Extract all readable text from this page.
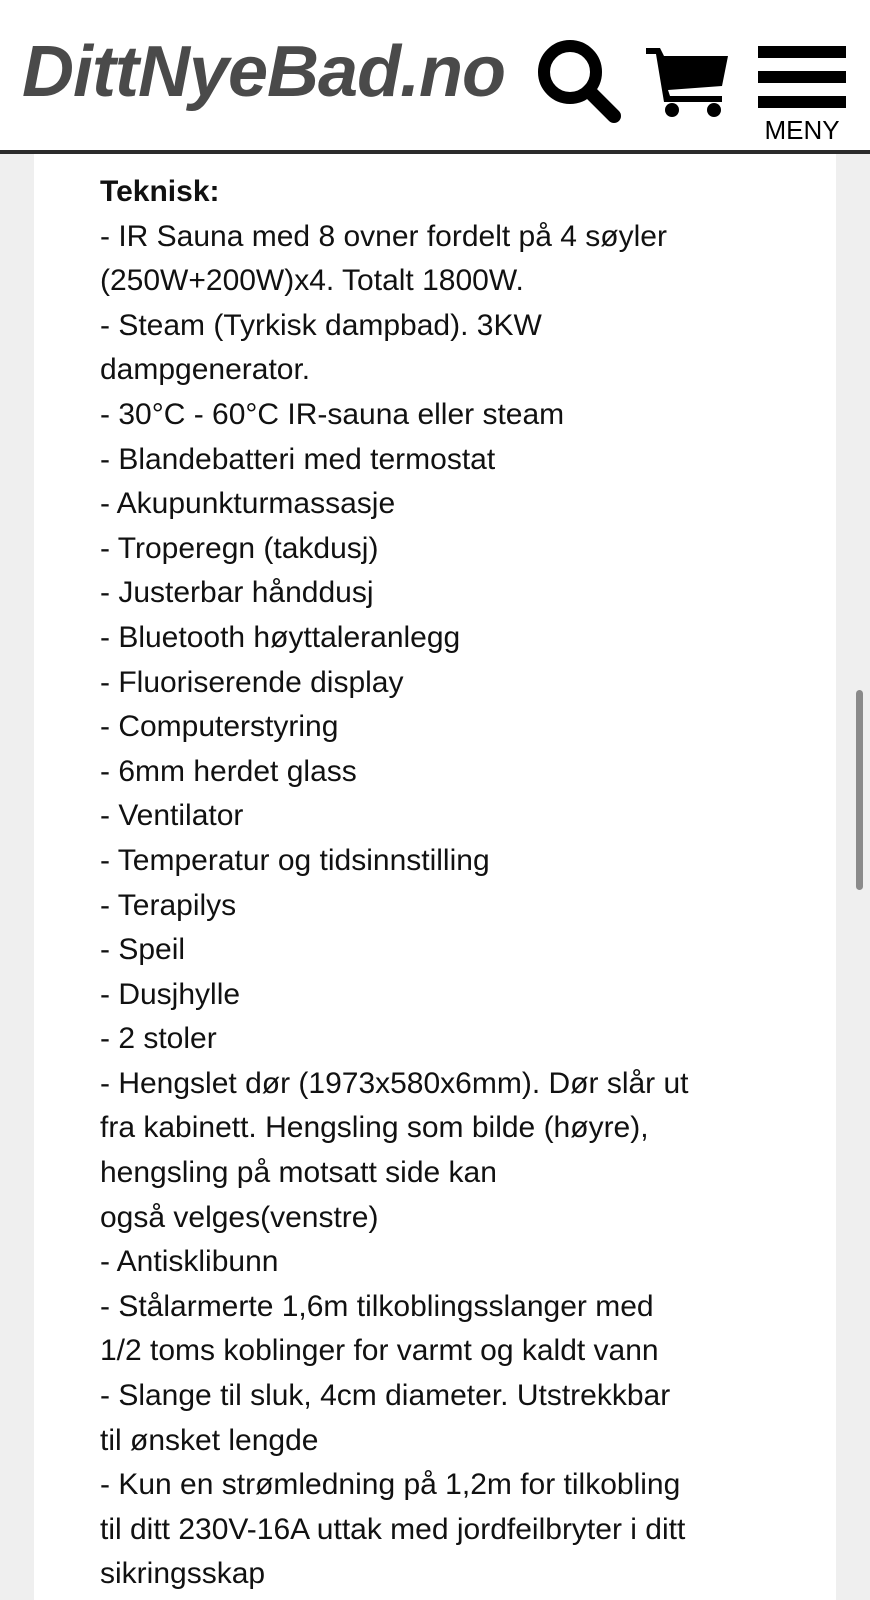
DittNyeBad.no
MENY
Teknisk:
- IR Sauna med 8 ovner fordelt på 4 søyler
(250W+200W)x4. Totalt 1800W.
- Steam (Tyrkisk dampbad). 3KW
dampgenerator.
- 30°C - 60°C IR-sauna eller steam
- Blandebatteri med termostat
- Akupunkturmassasje
- Troperegn (takdusj)
- Justerbar hånddusj
- Bluetooth høyttaleranlegg
- Fluoriserende display
- Computerstyring
- 6mm herdet glass
- Ventilator
- Temperatur og tidsinnstilling
- Terapilys
- Speil
- Dusjhylle
- 2 stoler
- Hengslet dør (1973x580x6mm). Dør slår ut
fra kabinett. Hengsling som bilde (høyre),
hengsling på motsatt side kan
også velges(venstre)
- Antisklibunn
- Stålarmerte 1,6m tilkoblingsslanger med
1/2 toms koblinger for varmt og kaldt vann
- Slange til sluk, 4cm diameter. Utstrekkbar
til ønsket lengde
- Kun en strømledning på 1,2m for tilkobling
til ditt 230V-16A uttak med jordfeilbryter i ditt
sikringsskap
